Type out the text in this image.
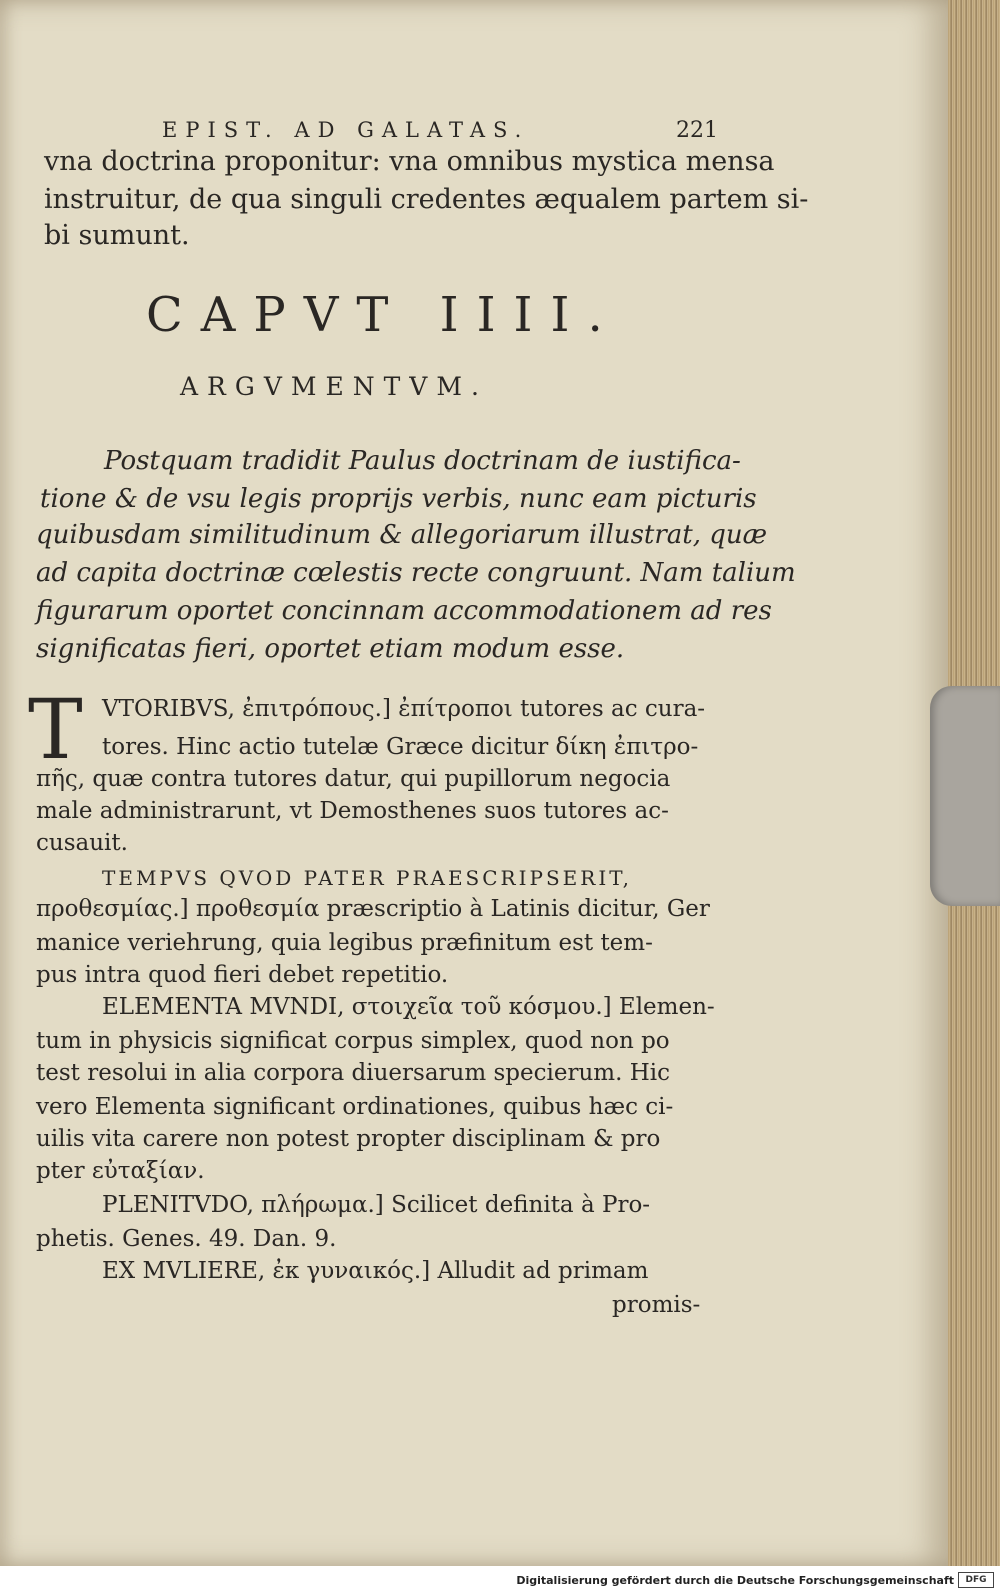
EPIST. AD GALATAS.	221
vna doctrina proponitur: vna omnibus mystica mensa
instruitur, de qua singuli credentes æqualem partem si-
bi sumunt.
CAPVT IIII.
ARGVMENTVM.
Postquam tradidit Paulus doctrinam de iustifica-
tione & de vsu legis proprijs verbis, nunc eam picturis
quibusdam similitudinum & allegoriarum illustrat, quæ
ad capita doctrinæ cœlestis recte congruunt. Nam talium
figurarum oportet concinnam accommodationem ad res
significatas fieri, oportet etiam modum esse.
T VTORIBVS, ἐπιτρόπους.] ἐπίτροποι tutores ac cura-
tores. Hinc actio tutelæ Græce dicitur δίκη ἐπιτρο-
πῆς, quæ contra tutores datur, qui pupillorum negocia
male administrarunt, vt Demosthenes suos tutores ac-
cusauit.
TEMPVS QVOD PATER PRAESCRIPSERIT,
προθεσμίας.] προθεσμία præscriptio à Latinis dicitur, Ger
manice veriehrung, quia legibus præfinitum est tem-
pus intra quod fieri debet repetitio.
ELEMENTA MVNDI, στοιχεῖα τοῦ κόσμου.] Elemen-
tum in physicis significat corpus simplex, quod non po
test resolui in alia corpora diuersarum specierum. Hic
vero Elementa significant ordinationes, quibus hæc ci-
uilis vita carere non potest propter disciplinam & pro
pter εὐταξίαν.
PLENITVDO, πλήρωμα.] Scilicet definita à Pro-
phetis. Genes. 49. Dan. 9.
EX MVLIERE, ἐκ γυναικός.] Alludit ad primam
promis-
Digitalisierung gefördert durch die Deutsche Forschungsgemeinschaft	DFG
